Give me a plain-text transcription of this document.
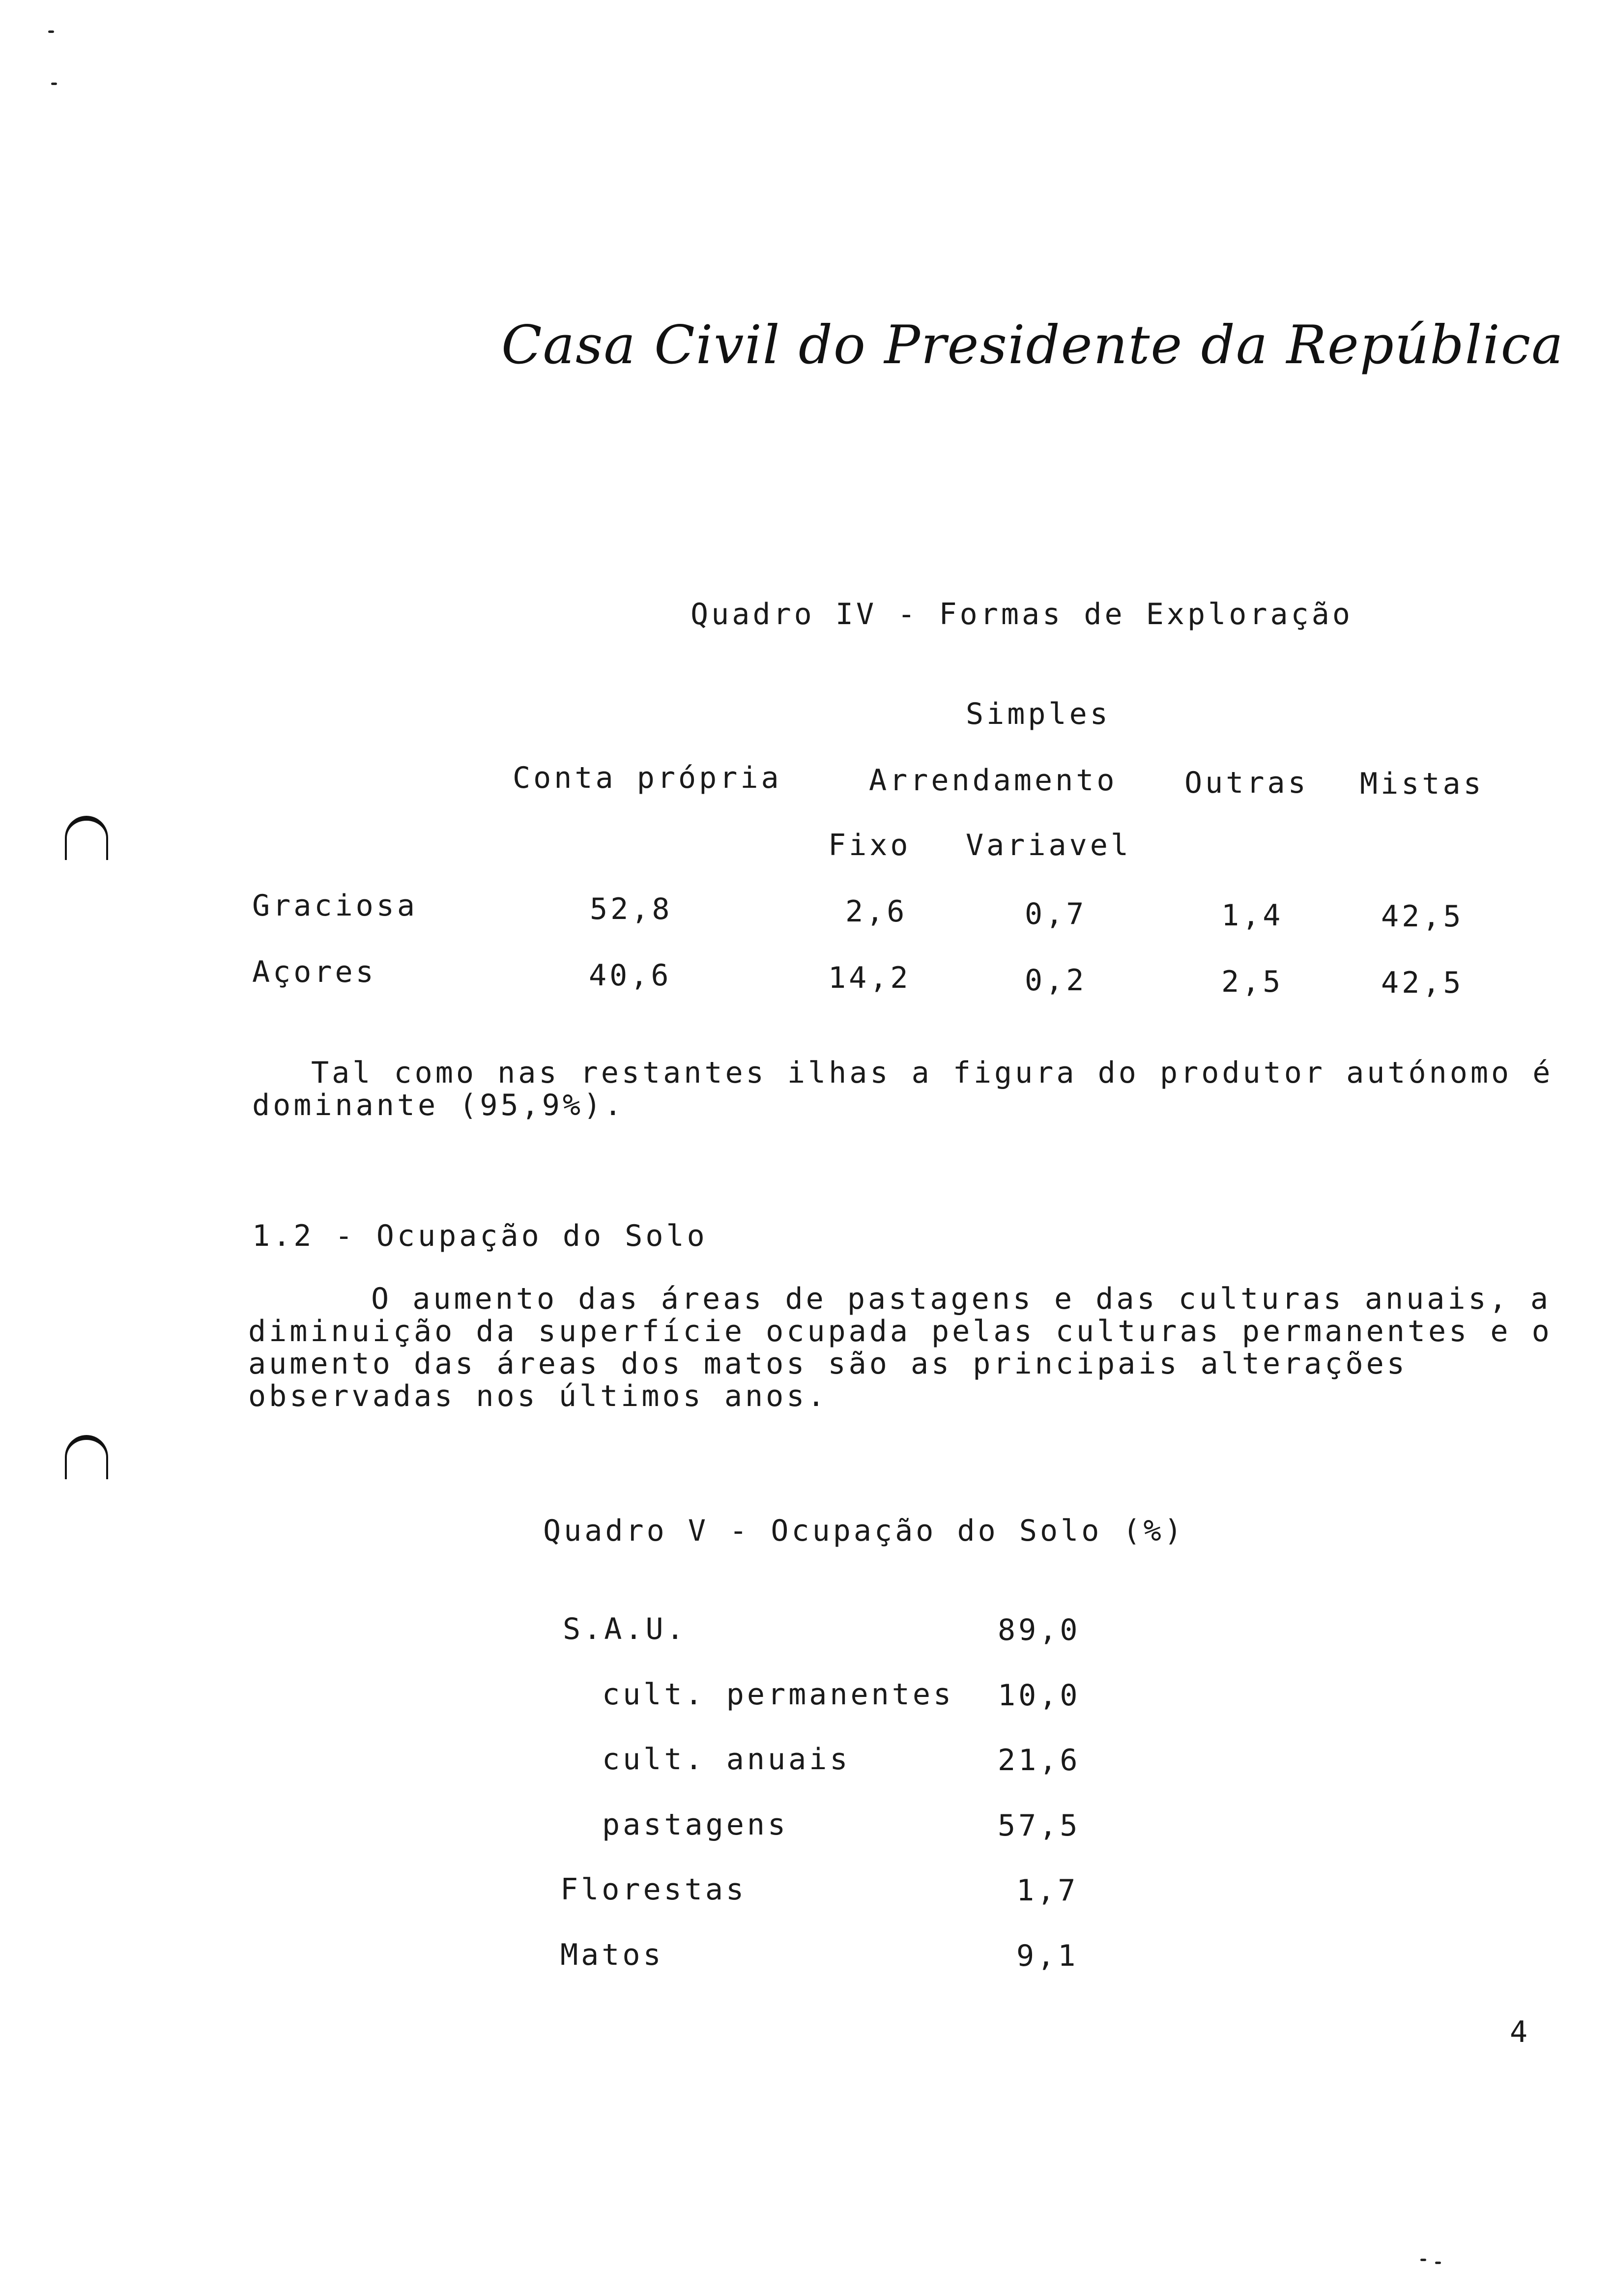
Casa Civil do Presidente da República
Quadro IV - Formas de Exploração
Simples
Conta própria	Arrendamento Outras Mistas
Fixo Variavel
Graciosa	52,8	2,6	0,7	1,4	42,5
Açores	40,6	14,2	0,2	2,5	42,5

Tal como nas restantes ilhas a figura do produtor autónomo é

dominante (95,9%).

1.2 - Ocupação do Solo

O aumento das áreas de pastagens e das culturas anuais, a

diminuição da superfície ocupada pelas culturas permanentes e o

aumento das áreas dos matos são as principais alterações

observadas nos últimos anos.

Quadro V - Ocupação do Solo (%)
S.A.U.	89,0
cult. permanentes 10,0
cult. anuais	21,6
pastagens	57,5
Florestas	1,7
Matos	9,1
4
